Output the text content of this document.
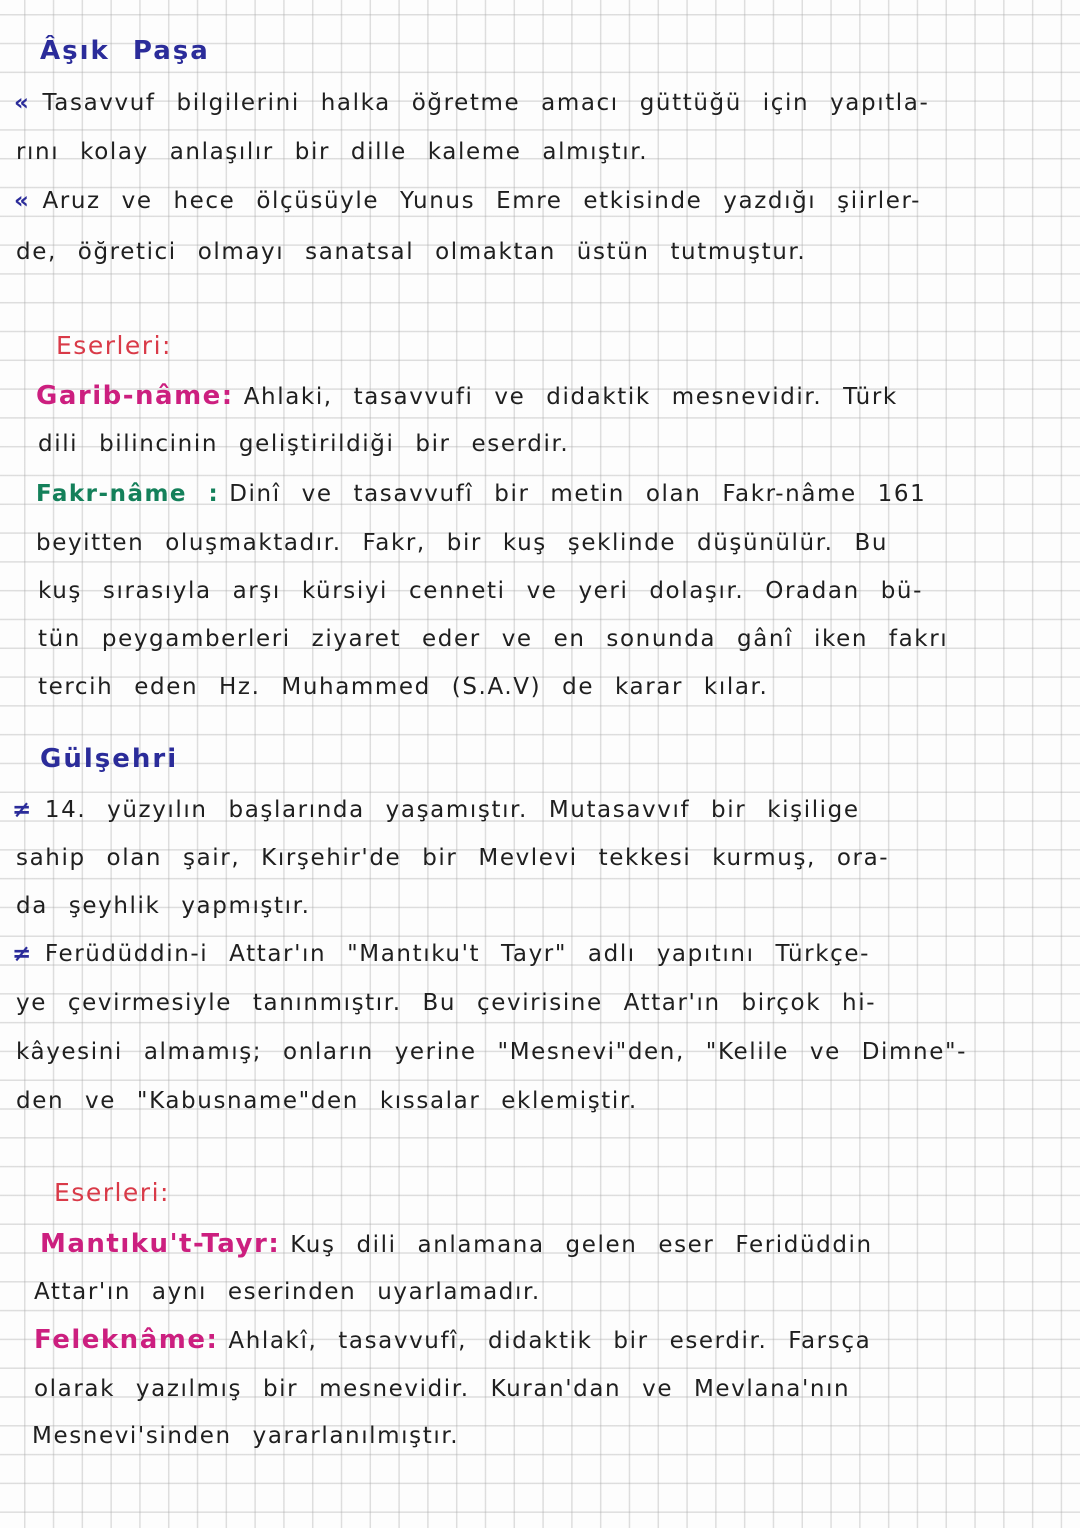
Âşık Paşa
« Tasavvuf bilgilerini halka öğretme amacı güttüğü için yapıtla-
rını kolay anlaşılır bir dille kaleme almıştır.
« Aruz ve hece ölçüsüyle Yunus Emre etkisinde yazdığı şiirler-
de, öğretici olmayı sanatsal olmaktan üstün tutmuştur.
Eserleri:
Garib-nâme: Ahlaki, tasavvufi ve didaktik mesnevidir. Türk
dili bilincinin geliştirildiği bir eserdir.
Fakr-nâme : Dinî ve tasavvufî bir metin olan Fakr-nâme 161
beyitten oluşmaktadır. Fakr, bir kuş şeklinde düşünülür. Bu
kuş sırasıyla arşı kürsiyi cenneti ve yeri dolaşır. Oradan bü-
tün peygamberleri ziyaret eder ve en sonunda gânî iken fakrı
tercih eden Hz. Muhammed (S.A.V) de karar kılar.
Gülşehri
≠ 14. yüzyılın başlarında yaşamıştır. Mutasavvıf bir kişilige
sahip olan şair, Kırşehir'de bir Mevlevi tekkesi kurmuş, ora-
da şeyhlik yapmıştır.
≠ Ferüdüddin-i Attar'ın "Mantıku't Tayr" adlı yapıtını Türkçe-
ye çevirmesiyle tanınmıştır. Bu çevirisine Attar'ın birçok hi-
kâyesini almamış; onların yerine "Mesnevi"den, "Kelile ve Dimne"-
den ve "Kabusname"den kıssalar eklemiştir.
Eserleri:
Mantıku't-Tayr: Kuş dili anlamana gelen eser Feridüddin
Attar'ın aynı eserinden uyarlamadır.
Feleknâme: Ahlakî, tasavvufî, didaktik bir eserdir. Farsça
olarak yazılmış bir mesnevidir. Kuran'dan ve Mevlana'nın
Mesnevi'sinden yararlanılmıştır.
